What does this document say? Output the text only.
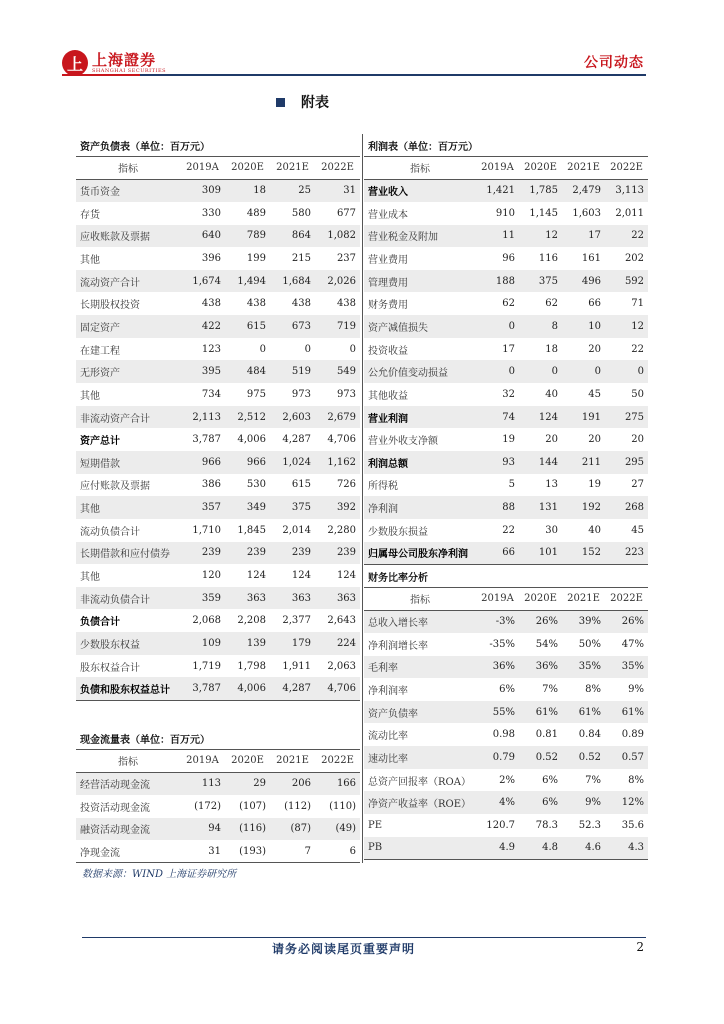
上 上海證券
SHANGHAI SECURITIES	公司动态
附表
资产负债表（单位：百万元）				
指标	2019A	2020E	2021E	2022E
货币资金	309	18	25	31
存货	330	489	580	677
应收账款及票据	640	789	864	1,082
其他	396	199	215	237
流动资产合计	1,674	1,494	1,684	2,026
长期股权投资	438	438	438	438
固定资产	422	615	673	719
在建工程	123	0	0	0
无形资产	395	484	519	549
其他	734	975	973	973
非流动资产合计	2,113	2,512	2,603	2,679
资产总计	3,787	4,006	4,287	4,706
短期借款	966	966	1,024	1,162
应付账款及票据	386	530	615	726
其他	357	349	375	392
流动负债合计	1,710	1,845	2,014	2,280
长期借款和应付债券	239	239	239	239
其他	120	124	124	124
非流动负债合计	359	363	363	363
负债合计	2,068	2,208	2,377	2,643
少数股东权益	109	139	179	224
股东权益合计	1,719	1,798	1,911	2,063
负债和股东权益总计	3,787	4,006	4,287	4,706
现金流量表（单位：百万元）				
指标	2019A	2020E	2021E	2022E
经营活动现金流	113	29	206	166
投资活动现金流	(172)	(107)	(112)	(110)
融资活动现金流	94	(116)	(87)	(49)
净现金流	31	(193)	7	6
利润表（单位：百万元）				
指标	2019A	2020E	2021E	2022E
营业收入	1,421	1,785	2,479	3,113
营业成本	910	1,145	1,603	2,011
营业税金及附加	11	12	17	22
营业费用	96	116	161	202
管理费用	188	375	496	592
财务费用	62	62	66	71
资产减值损失	0	8	10	12
投资收益	17	18	20	22
公允价值变动损益	0	0	0	0
其他收益	32	40	45	50
营业利润	74	124	191	275
营业外收支净额	19	20	20	20
利润总额	93	144	211	295
所得税	5	13	19	27
净利润	88	131	192	268
少数股东损益	22	30	40	45
归属母公司股东净利润	66	101	152	223
财务比率分析				
指标	2019A	2020E	2021E	2022E
总收入增长率	-3%	26%	39%	26%
净利润增长率	-35%	54%	50%	47%
毛利率	36%	36%	35%	35%
净利润率	6%	7%	8%	9%
资产负债率	55%	61%	61%	61%
流动比率	0.98	0.81	0.84	0.89
速动比率	0.79	0.52	0.52	0.57
总资产回报率（ROA）	2%	6%	7%	8%
净资产收益率（ROE）	4%	6%	9%	12%
PE	120.7	78.3	52.3	35.6
PB	4.9	4.8	4.6	4.3
数据来源：WIND 上海证券研究所
请务必阅读尾页重要声明	2
